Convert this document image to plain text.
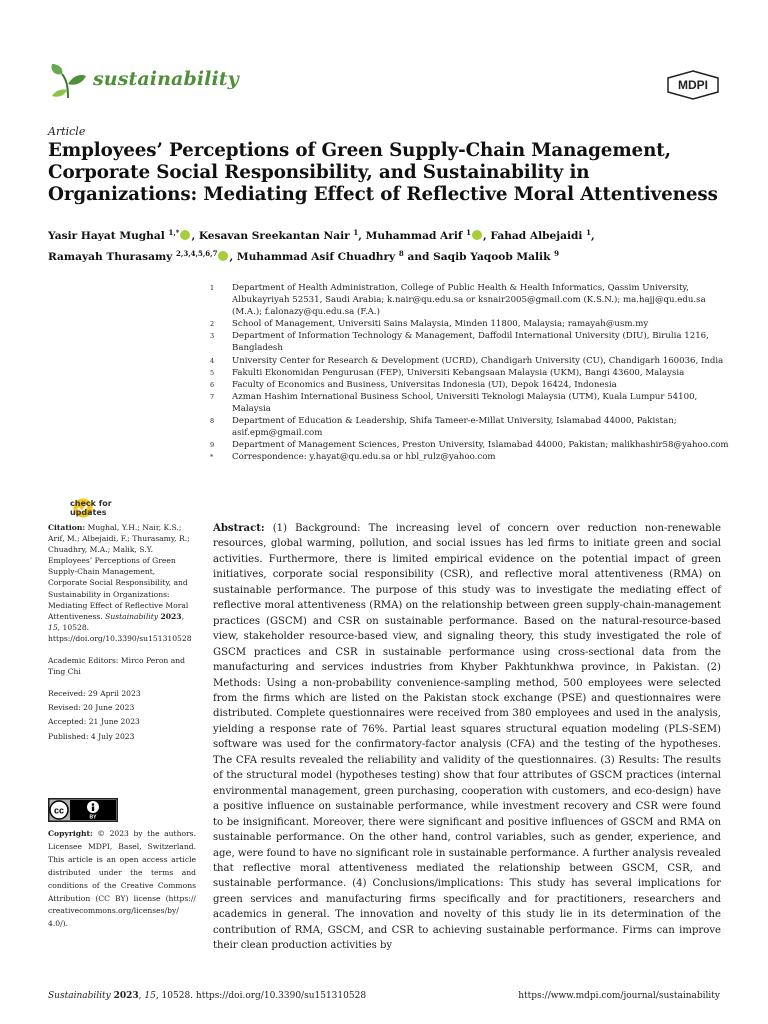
sustainability	MDPI
Article
Employees’ Perceptions of Green Supply-Chain Management, Corporate Social Responsibility, and Sustainability in Organizations: Mediating Effect of Reflective Moral Attentiveness
Yasir Hayat Mughal $^{1,*}$ , Kesavan Sreekantan Nair $^1$, Muhammad Arif $^1$ , Fahad Albejaidi $^1$,
Ramayah Thurasamy $^{2,3,4,5,6,7}$ , Muhammad Asif Chuadhry $^8$ and Saqib Yaqoob Malik $^9$
1	Department of Health Administration, College of Public Health & Health Informatics, Qassim University, Albukayriyah 52531, Saudi Arabia; k.nair@qu.edu.sa or ksnair2005@gmail.com (K.S.N.); ma.hajj@qu.edu.sa (M.A.); f.alonazy@qu.edu.sa (F.A.)
2	School of Management, Universiti Sains Malaysia, Minden 11800, Malaysia; ramayah@usm.my
3	Department of Information Technology & Management, Daffodil International University (DIU), Birulia 1216, Bangladesh
4	University Center for Research & Development (UCRD), Chandigarh University (CU), Chandigarh 160036, India
5	Fakulti Ekonomidan Pengurusan (FEP), Universiti Kebangsaan Malaysia (UKM), Bangi 43600, Malaysia
6	Faculty of Economics and Business, Universitas Indonesia (UI), Depok 16424, Indonesia
7	Azman Hashim International Business School, Universiti Teknologi Malaysia (UTM), Kuala Lumpur 54100, Malaysia
8	Department of Education & Leadership, Shifa Tameer-e-Millat University, Islamabad 44000, Pakistan; asif.epm@gmail.com
9	Department of Management Sciences, Preston University, Islamabad 44000, Pakistan; malikhashir58@yahoo.com
*	Correspondence: y.hayat@qu.edu.sa or hbl_rulz@yahoo.com
check for updates

Citation: Mughal, Y.H.; Nair, K.S.; Arif, M.; Albejaidi, F.; Thurasamy, R.; Chuadhry, M.A.; Malik, S.Y. Employees’ Perceptions of Green Supply-Chain Management, Corporate Social Responsibility, and Sustainability in Organizations: Mediating Effect of Reflective Moral Attentiveness. Sustainability 2023, 15, 10528. https://doi.org/10.3390/su151310528

Academic Editors: Mirco Peron and Ting Chi

Received: 29 April 2023

Revised: 20 June 2023

Accepted: 21 June 2023

Published: 4 July 2023

cc
BY
Copyright: © 2023 by the authors. Licensee MDPI, Basel, Switzerland. This article is an open access article distributed under the terms and conditions of the Creative Commons Attribution (CC BY) license (https:// creativecommons.org/licenses/by/ 4.0/).
Abstract: (1) Background: The increasing level of concern over reduction non-renewable resources, global warming, pollution, and social issues has led firms to initiate green and social activities. Furthermore, there is limited empirical evidence on the potential impact of green initiatives, corporate social responsibility (CSR), and reflective moral attentiveness (RMA) on sustainable performance. The purpose of this study was to investigate the mediating effect of reflective moral attentiveness (RMA) on the relationship between green supply-chain-management practices (GSCM) and CSR on sustainable performance. Based on the natural-resource-based view, stakeholder resource-based view, and signaling theory, this study investigated the role of GSCM practices and CSR in sustainable performance using cross-sectional data from the manufacturing and services industries from Khyber Pakhtunkhwa province, in Pakistan. (2) Methods: Using a non-probability convenience-sampling method, 500 employees were selected from the firms which are listed on the Pakistan stock exchange (PSE) and questionnaires were distributed. Complete questionnaires were received from 380 employees and used in the analysis, yielding a response rate of 76%. Partial least squares structural equation modeling (PLS-SEM) software was used for the confirmatory-factor analysis (CFA) and the testing of the hypotheses. The CFA results revealed the reliability and validity of the questionnaires. (3) Results: The results of the structural model (hypotheses testing) show that four attributes of GSCM practices (internal environmental management, green purchasing, cooperation with customers, and eco-design) have a positive influence on sustainable performance, while investment recovery and CSR were found to be insignificant. Moreover, there were significant and positive influences of GSCM and RMA on sustainable performance. On the other hand, control variables, such as gender, experience, and age, were found to have no significant role in sustainable performance. A further analysis revealed that reflective moral attentiveness mediated the relationship between GSCM, CSR, and sustainable performance. (4) Conclusions/implications: This study has several implications for green services and manufacturing firms specifically and for practitioners, researchers and academics in general. The innovation and novelty of this study lie in its determination of the contribution of RMA, GSCM, and CSR to achieving sustainable performance. Firms can improve their clean production activities by
Sustainability 2023, 15, 10528. https://doi.org/10.3390/su151310528	https://www.mdpi.com/journal/sustainability
